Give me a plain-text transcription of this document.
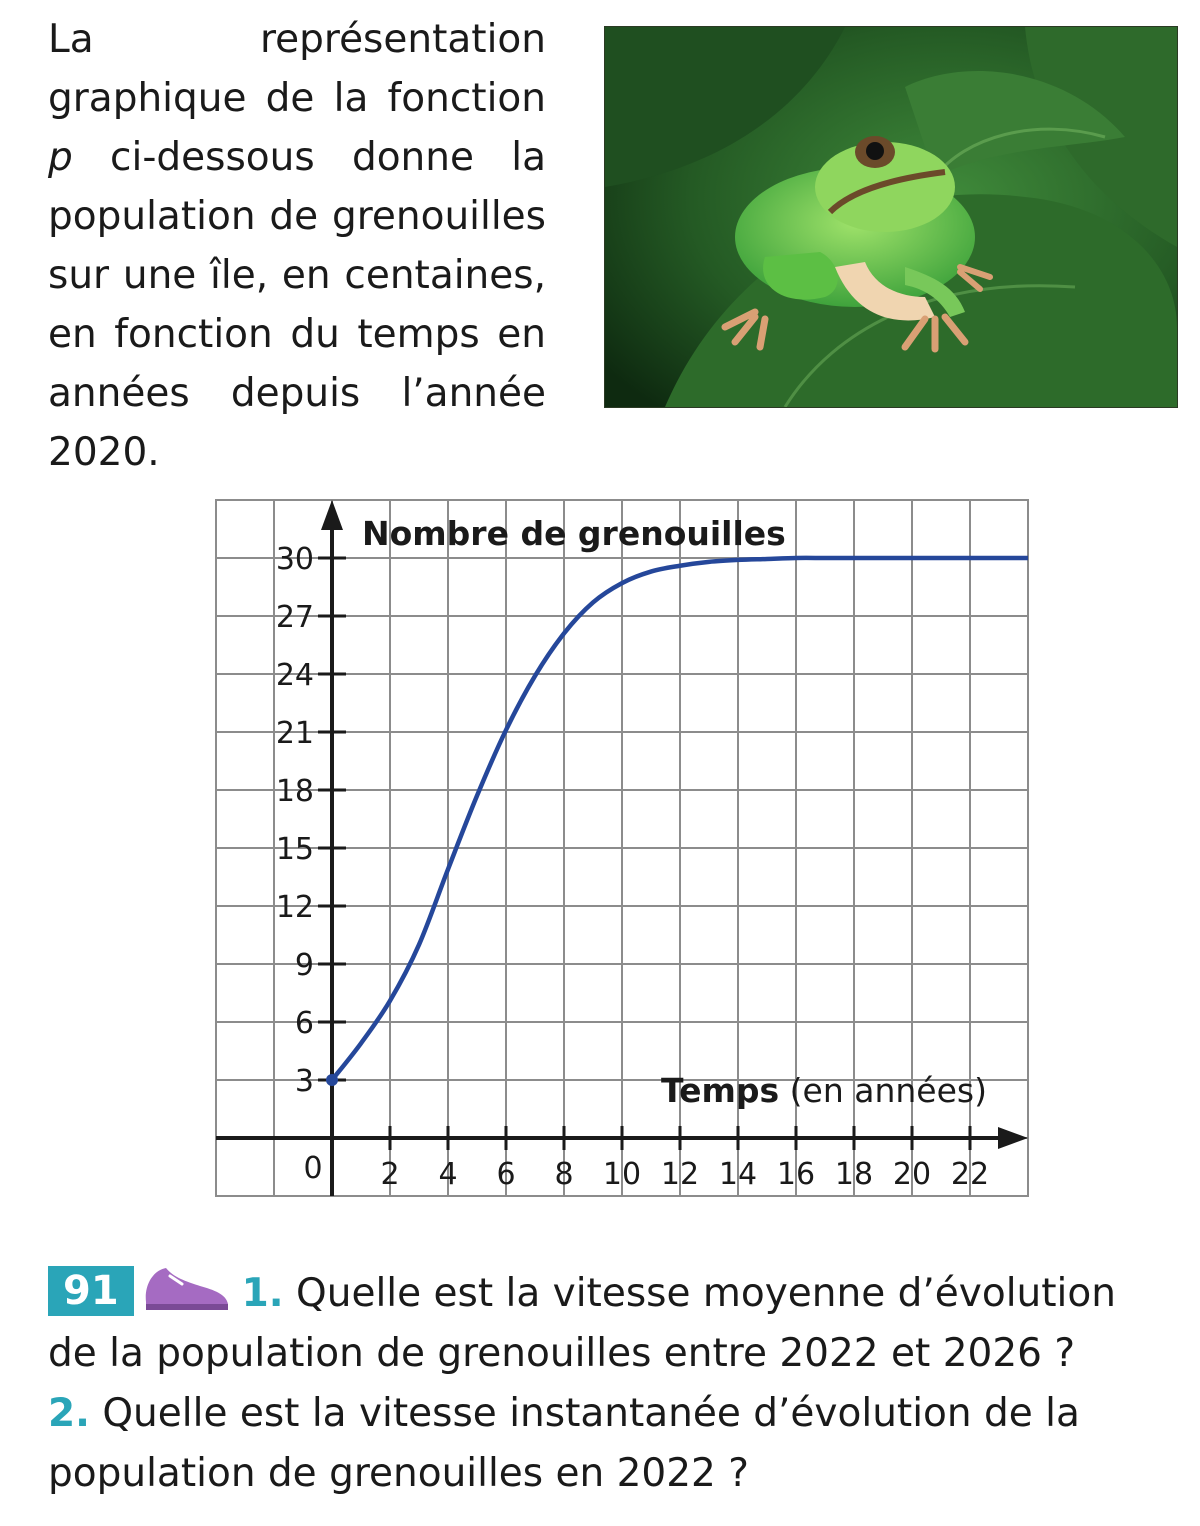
La représentation graphique de la fonction p ci-dessous donne la population de grenouilles sur une île, en centaines, en fonction du temps en années depuis l’année 2020.

2 4 6 8 10 12 14 16 18 20 22
3
6
9
12
15
18
21
24
27
30
Nombre de grenouilles
Temps (en années)
0

91	1. Quelle est la vitesse moyenne d’évolution de la population de grenouilles entre 2022 et 2026 ?

2. Quelle est la vitesse instantanée d’évolution de la population de grenouilles en 2022 ?
